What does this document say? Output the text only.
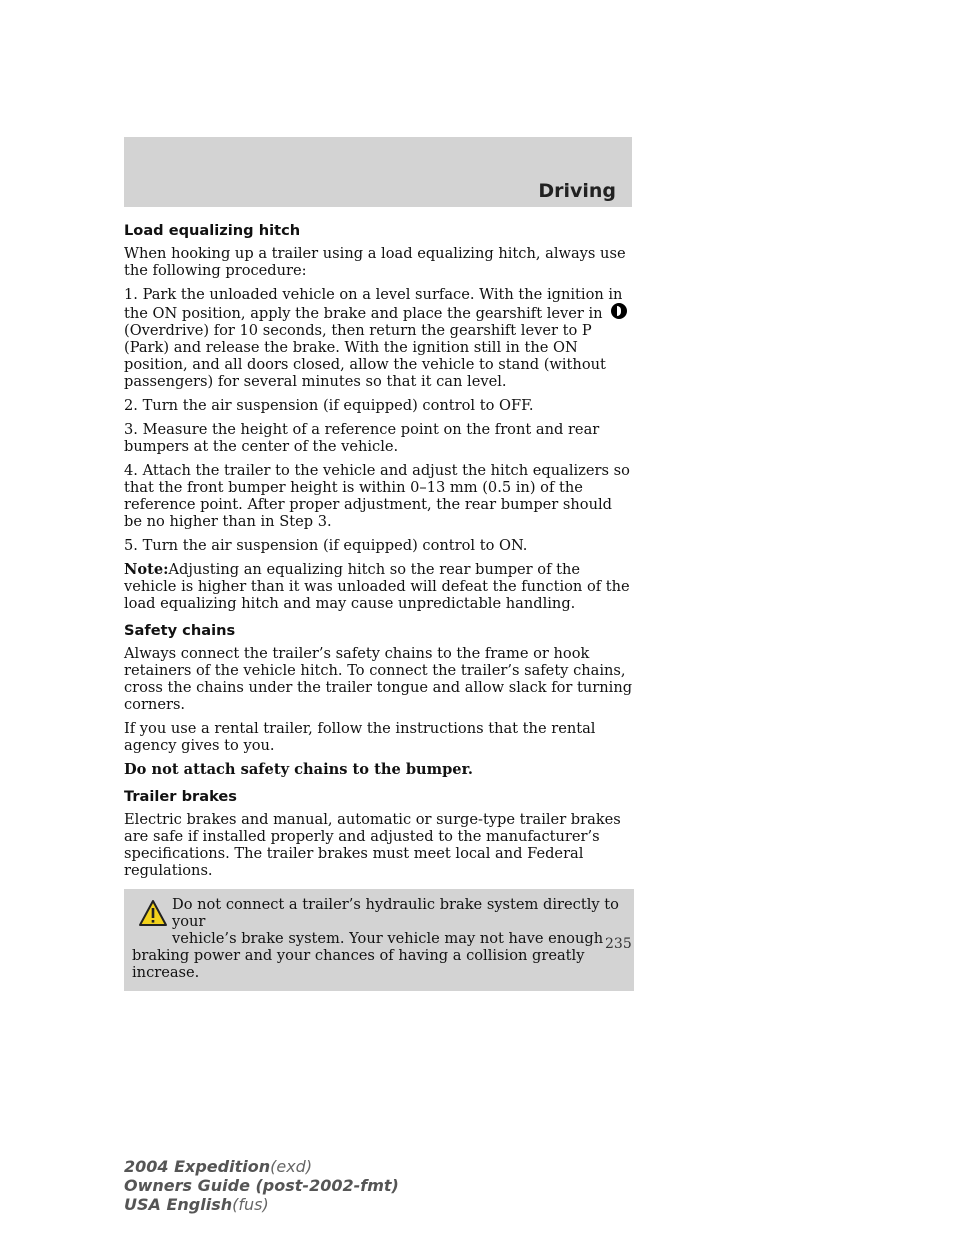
Driving
Load equalizing hitch

When hooking up a trailer using a load equalizing hitch, always use the following procedure:

1. Park the unloaded vehicle on a level surface. With the ignition in the ON position, apply the brake and place the gearshift lever in  (Overdrive) for 10 seconds, then return the gearshift lever to P (Park) and release the brake. With the ignition still in the ON position, and all doors closed, allow the vehicle to stand (without passengers) for several minutes so that it can level.

2. Turn the air suspension (if equipped) control to OFF.

3. Measure the height of a reference point on the front and rear bumpers at the center of the vehicle.

4. Attach the trailer to the vehicle and adjust the hitch equalizers so that the front bumper height is within 0–13 mm (0.5 in) of the reference point. After proper adjustment, the rear bumper should be no higher than in Step 3.

5. Turn the air suspension (if equipped) control to ON.

Note:Adjusting an equalizing hitch so the rear bumper of the vehicle is higher than it was unloaded will defeat the function of the load equalizing hitch and may cause unpredictable handling.

Safety chains

Always connect the trailer’s safety chains to the frame or hook retainers of the vehicle hitch. To connect the trailer’s safety chains, cross the chains under the trailer tongue and allow slack for turning corners.

If you use a rental trailer, follow the instructions that the rental agency gives to you.

Do not attach safety chains to the bumper.

Trailer brakes

Electric brakes and manual, automatic or surge-type trailer brakes are safe if installed properly and adjusted to the manufacturer’s specifications. The trailer brakes must meet local and Federal regulations.

Do not connect a trailer’s hydraulic brake system directly to your
vehicle’s brake system. Your vehicle may not have enough
braking power and your chances of having a collision greatly increase.
235
2004 Expedition(exd)
Owners Guide (post-2002-fmt)
USA English(fus)
